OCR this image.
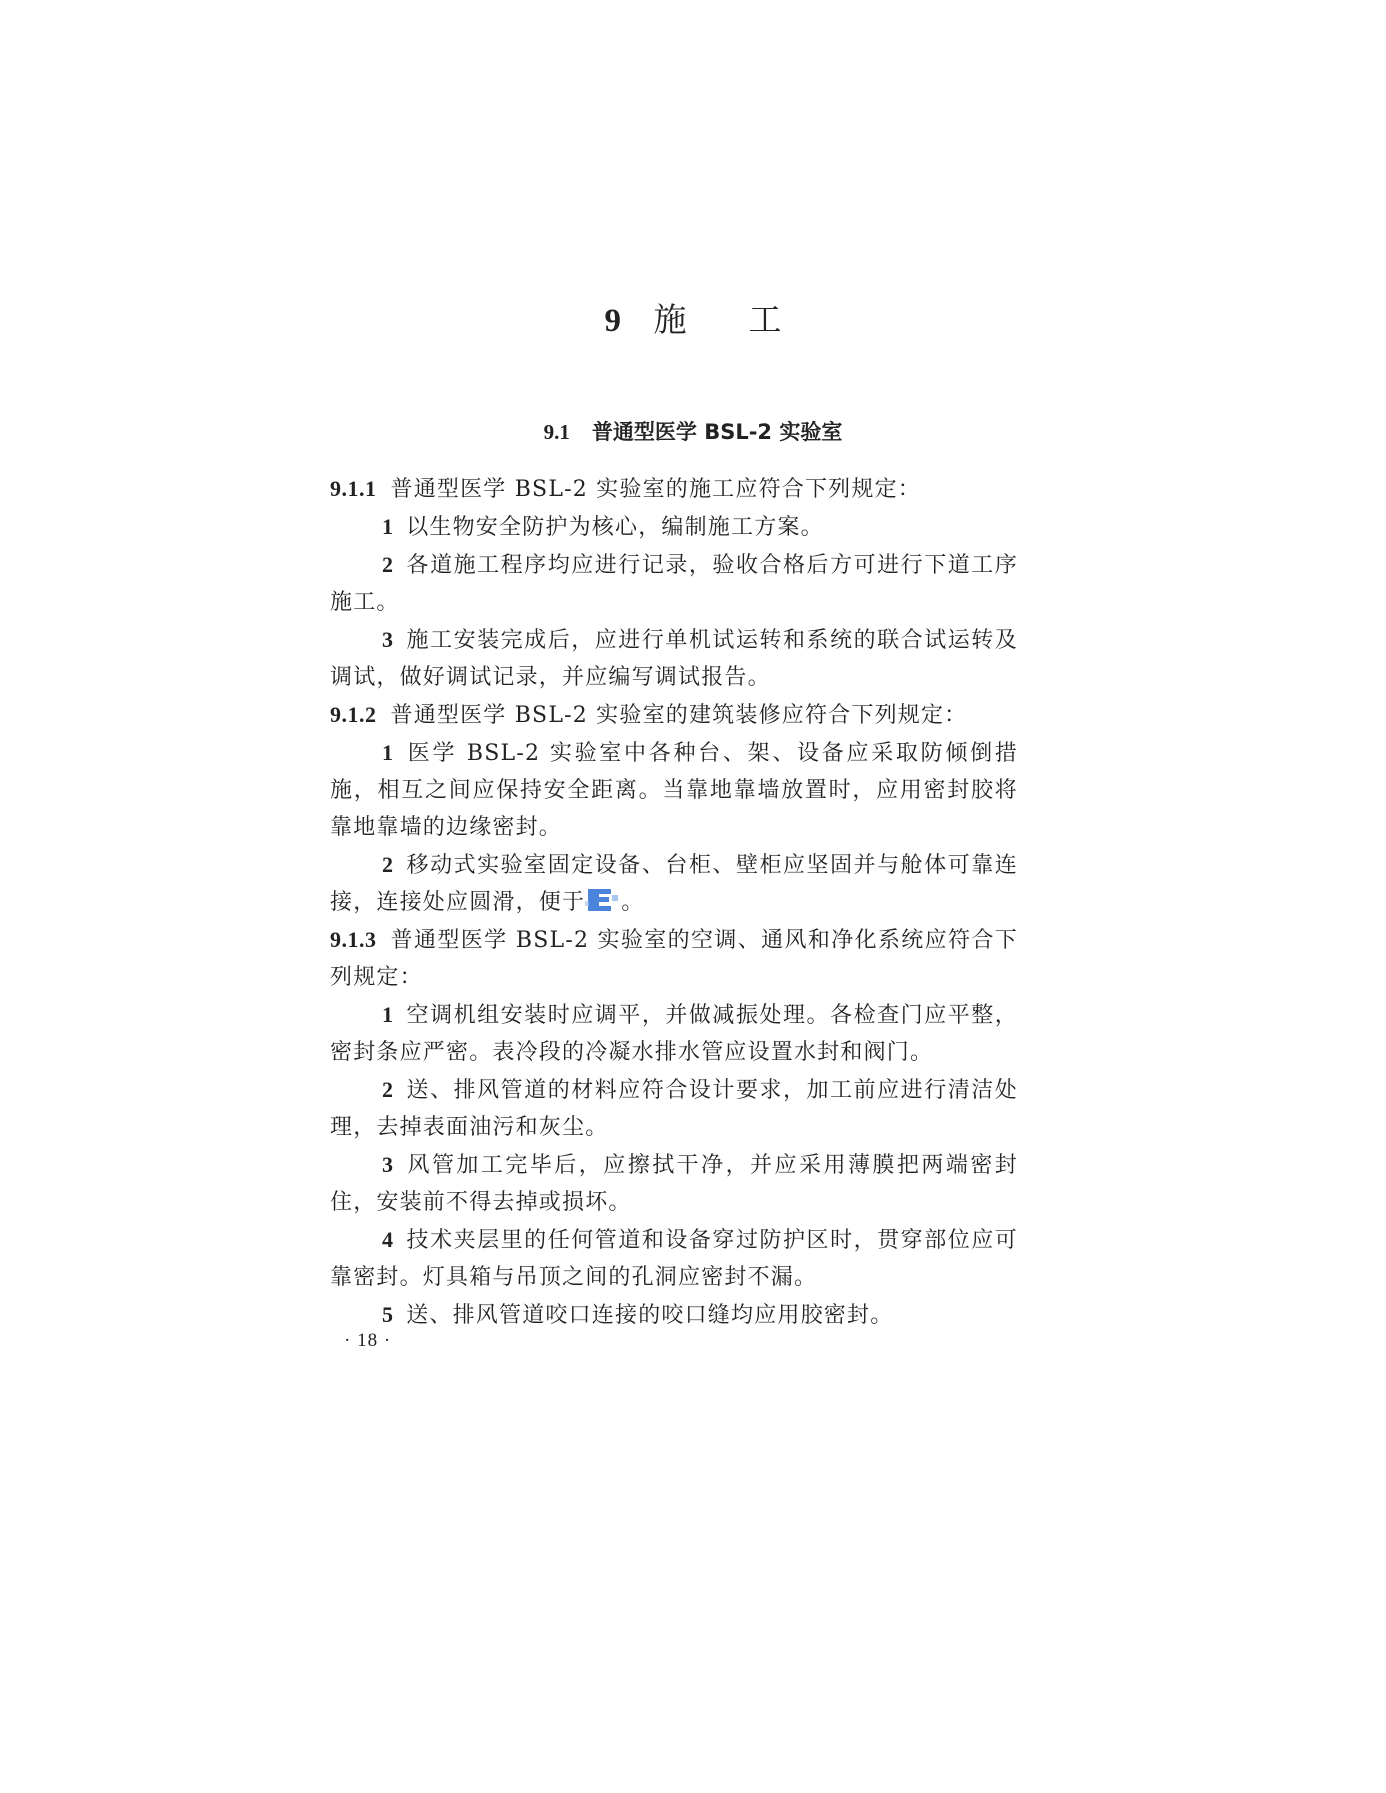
9 施 工
9.1 普通型医学 BSL-2 实验室

9.1.1 普通型医学 BSL-2 实验室的施工应符合下列规定：

1 以生物安全防护为核心，编制施工方案。

2 各道施工程序均应进行记录，验收合格后方可进行下道工序施工。

3 施工安装完成后，应进行单机试运转和系统的联合试运转及调试，做好调试记录，并应编写调试报告。

9.1.2 普通型医学 BSL-2 实验室的建筑装修应符合下列规定：

1 医学 BSL-2 实验室中各种台、架、设备应采取防倾倒措施，相互之间应保持安全距离。当靠地靠墙放置时，应用密封胶将靠地靠墙的边缘密封。

2 移动式实验室固定设备、台柜、壁柜应坚固并与舱体可靠连接，连接处应圆滑，便于 。

9.1.3 普通型医学 BSL-2 实验室的空调、通风和净化系统应符合下列规定：

1 空调机组安装时应调平，并做减振处理。各检查门应平整，密封条应严密。表冷段的冷凝水排水管应设置水封和阀门。

2 送、排风管道的材料应符合设计要求，加工前应进行清洁处理，去掉表面油污和灰尘。

3 风管加工完毕后，应擦拭干净，并应采用薄膜把两端密封住，安装前不得去掉或损坏。

4 技术夹层里的任何管道和设备穿过防护区时，贯穿部位应可靠密封。灯具箱与吊顶之间的孔洞应密封不漏。

5 送、排风管道咬口连接的咬口缝均应用胶密封。

· 18 ·
